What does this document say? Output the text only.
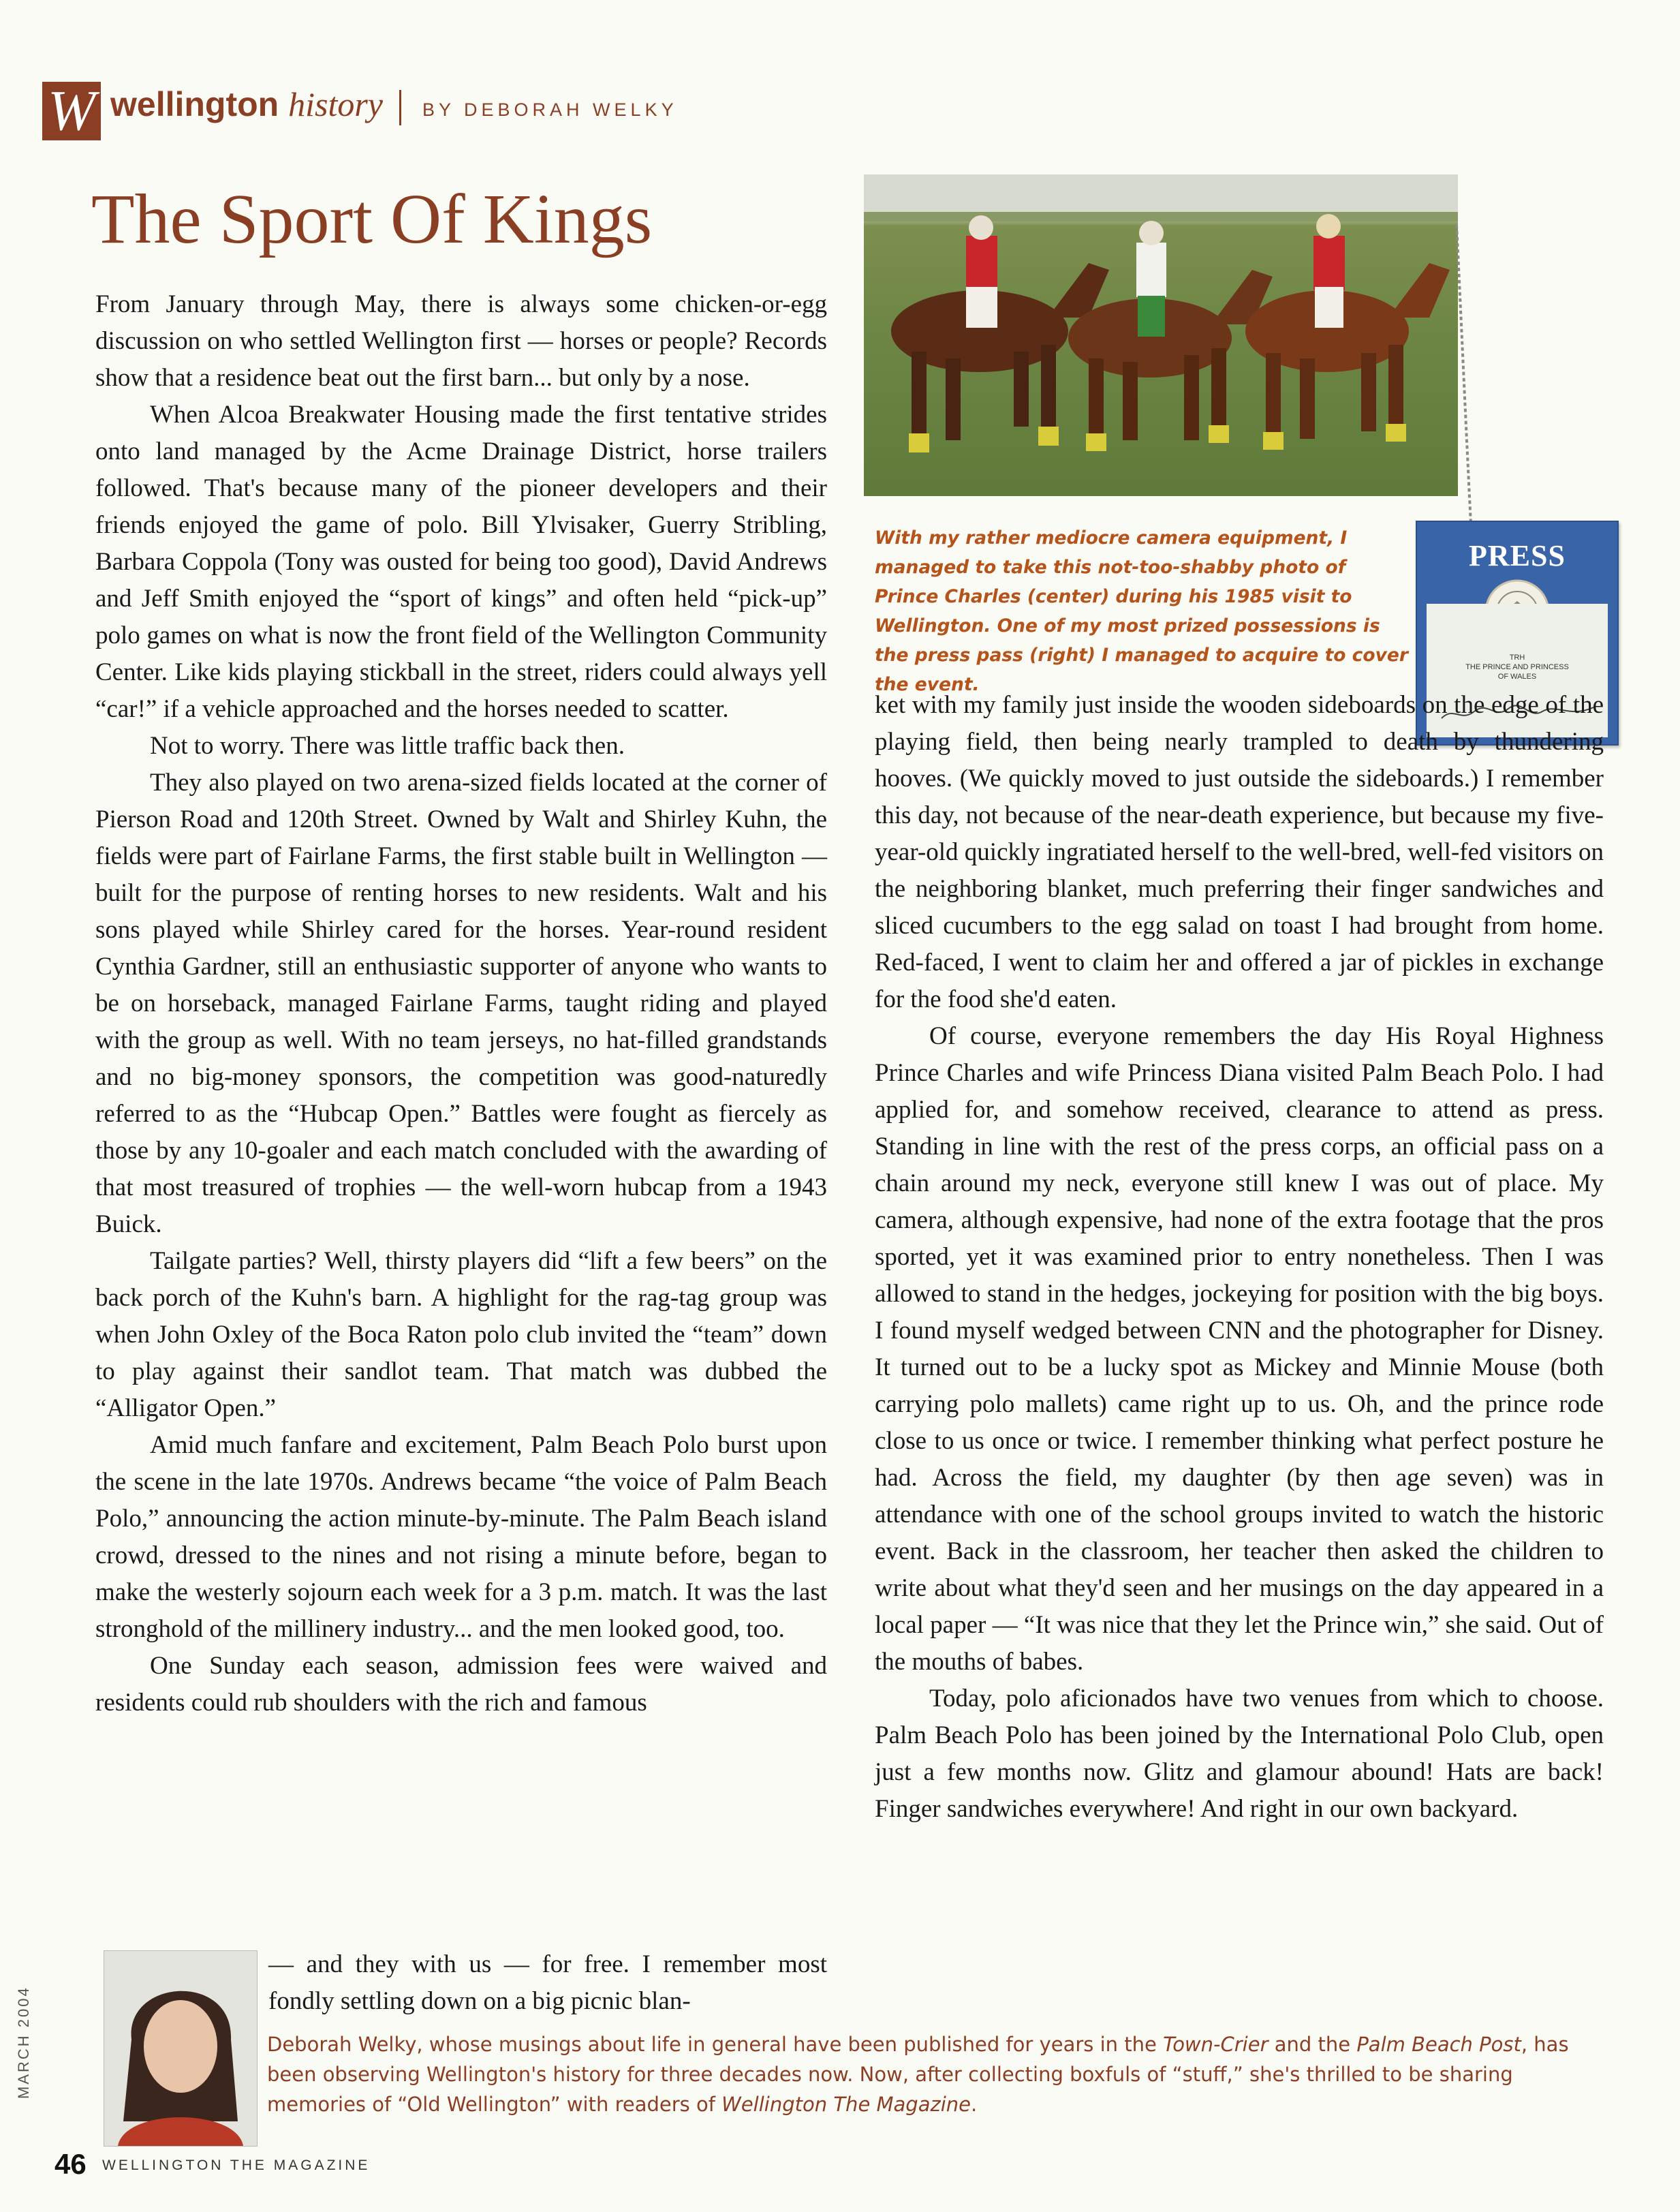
W wellington history BY DEBORAH WELKY
The Sport Of Kings

From January through May, there is always some chicken-or-egg discussion on who settled Wellington first — horses or people? Records show that a residence beat out the first barn... but only by a nose.

When Alcoa Breakwater Housing made the first tentative strides onto land managed by the Acme Drainage District, horse trailers followed. That's because many of the pioneer developers and their friends enjoyed the game of polo. Bill Ylvisaker, Guerry Stribling, Barbara Coppola (Tony was ousted for being too good), David Andrews and Jeff Smith enjoyed the “sport of kings” and often held “pick-up” polo games on what is now the front field of the Wellington Community Center. Like kids playing stickball in the street, riders could always yell “car!” if a vehicle approached and the horses needed to scatter.

Not to worry. There was little traffic back then.

They also played on two arena-sized fields located at the corner of Pierson Road and 120th Street. Owned by Walt and Shirley Kuhn, the fields were part of Fairlane Farms, the first stable built in Wellington — built for the purpose of renting horses to new residents. Walt and his sons played while Shirley cared for the horses. Year-round resident Cynthia Gardner, still an enthusiastic supporter of anyone who wants to be on horseback, managed Fairlane Farms, taught riding and played with the group as well. With no team jerseys, no hat-filled grandstands and no big-money sponsors, the competition was good-naturedly referred to as the “Hubcap Open.” Battles were fought as fiercely as those by any 10-goaler and each match concluded with the awarding of that most treasured of trophies — the well-worn hubcap from a 1943 Buick.

Tailgate parties? Well, thirsty players did “lift a few beers” on the back porch of the Kuhn's barn. A highlight for the rag-tag group was when John Oxley of the Boca Raton polo club invited the “team” down to play against their sandlot team. That match was dubbed the “Alligator Open.”

Amid much fanfare and excitement, Palm Beach Polo burst upon the scene in the late 1970s. Andrews became “the voice of Palm Beach Polo,” announcing the action minute-by-minute. The Palm Beach island crowd, dressed to the nines and not rising a minute before, began to make the westerly sojourn each week for a 3 p.m. match. It was the last stronghold of the millinery industry... and the men looked good, too.

One Sunday each season, admission fees were waived and residents could rub shoulders with the rich and famous

— and they with us — for free. I remember most fondly settling down on a big picnic blan-

With my rather mediocre camera equipment, I managed to take this not-too-shabby photo of Prince Charles (center) during his 1985 visit to Wellington. One of my most prized possessions is the press pass (right) I managed to acquire to cover the event.
PRESS
TRH
THE PRINCE AND PRINCESS
OF WALES

ket with my family just inside the wooden sideboards on the edge of the playing field, then being nearly trampled to death by thundering hooves. (We quickly moved to just outside the sideboards.) I remember this day, not because of the near-death experience, but because my five-year-old quickly ingratiated herself to the well-bred, well-fed visitors on the neighboring blanket, much preferring their finger sandwiches and sliced cucumbers to the egg salad on toast I had brought from home. Red-faced, I went to claim her and offered a jar of pickles in exchange for the food she'd eaten.

Of course, everyone remembers the day His Royal Highness Prince Charles and wife Princess Diana visited Palm Beach Polo. I had applied for, and somehow received, clearance to attend as press. Standing in line with the rest of the press corps, an official pass on a chain around my neck, everyone still knew I was out of place. My camera, although expensive, had none of the extra footage that the pros sported, yet it was examined prior to entry nonetheless. Then I was allowed to stand in the hedges, jockeying for position with the big boys. I found myself wedged between CNN and the photographer for Disney. It turned out to be a lucky spot as Mickey and Minnie Mouse (both carrying polo mallets) came right up to us. Oh, and the prince rode close to us once or twice. I remember thinking what perfect posture he had. Across the field, my daughter (by then age seven) was in attendance with one of the school groups invited to watch the historic event. Back in the classroom, her teacher then asked the children to write about what they'd seen and her musings on the day appeared in a local paper — “It was nice that they let the Prince win,” she said. Out of the mouths of babes.

Today, polo aficionados have two venues from which to choose. Palm Beach Polo has been joined by the International Polo Club, open just a few months now. Glitz and glamour abound! Hats are back! Finger sandwiches everywhere! And right in our own backyard.

Deborah Welky, whose musings about life in general have been published for years in the Town-Crier and the Palm Beach Post, has been observing Wellington's history for three decades now. Now, after collecting boxfuls of “stuff,” she's thrilled to be sharing memories of “Old Wellington” with readers of Wellington The Magazine.
MARCH 2004
46 WELLINGTON THE MAGAZINE
